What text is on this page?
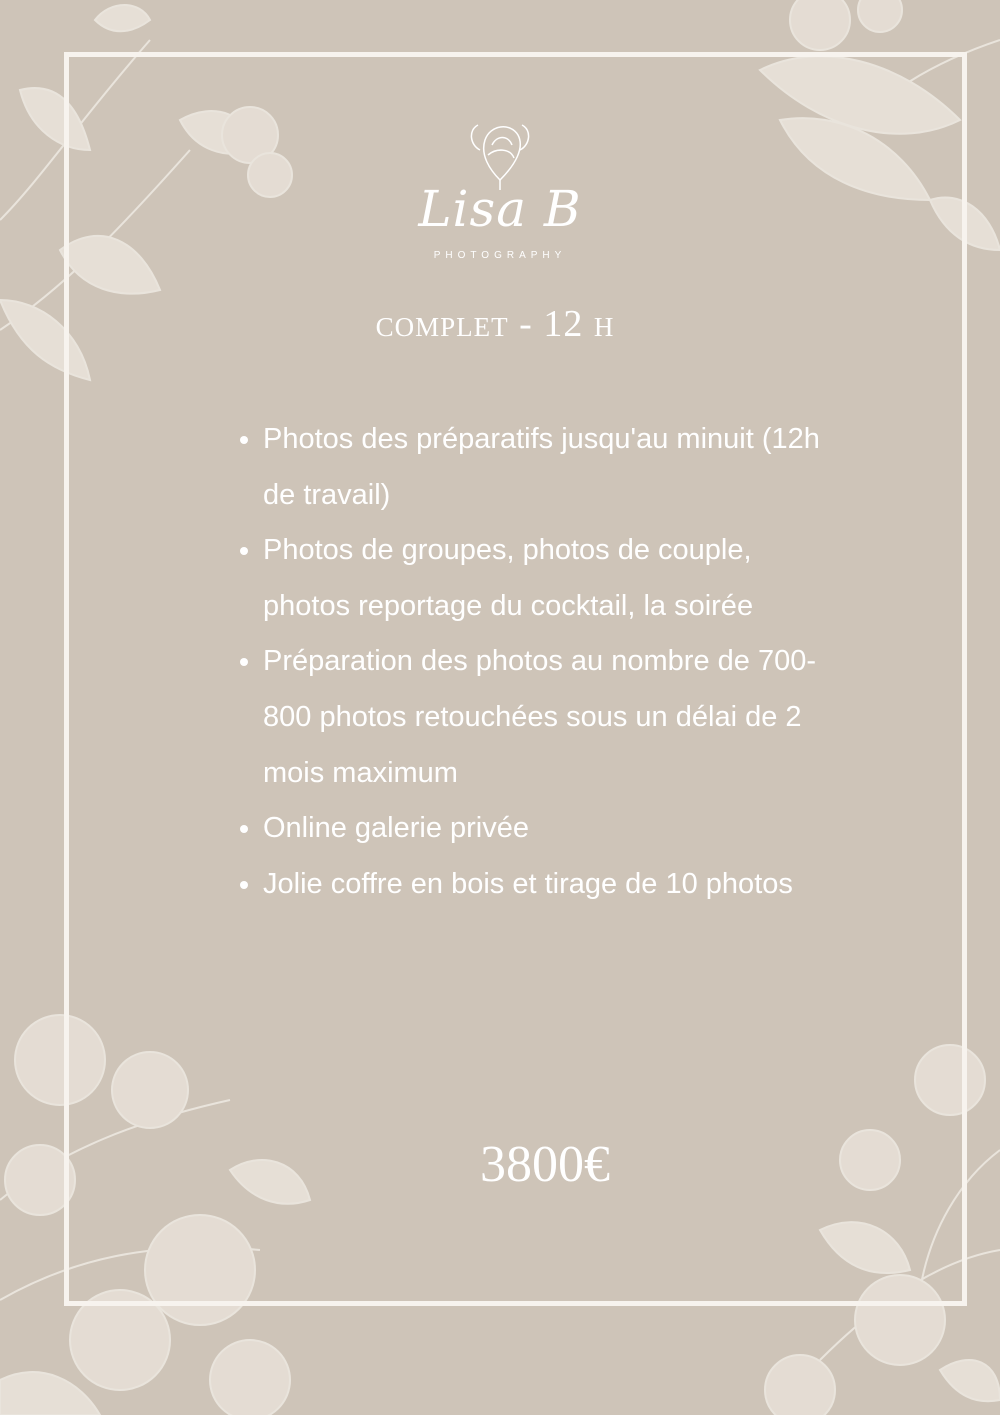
Lisa B
PHOTOGRAPHY
complet - 12 h
Photos des préparatifs jusqu'au minuit (12h de travail)
Photos de groupes, photos de couple, photos reportage du cocktail, la soirée
Préparation des photos au nombre de 700-800 photos retouchées sous un délai de 2 mois maximum
Online galerie privée
Jolie coffre en bois et tirage de 10 photos
3800€
